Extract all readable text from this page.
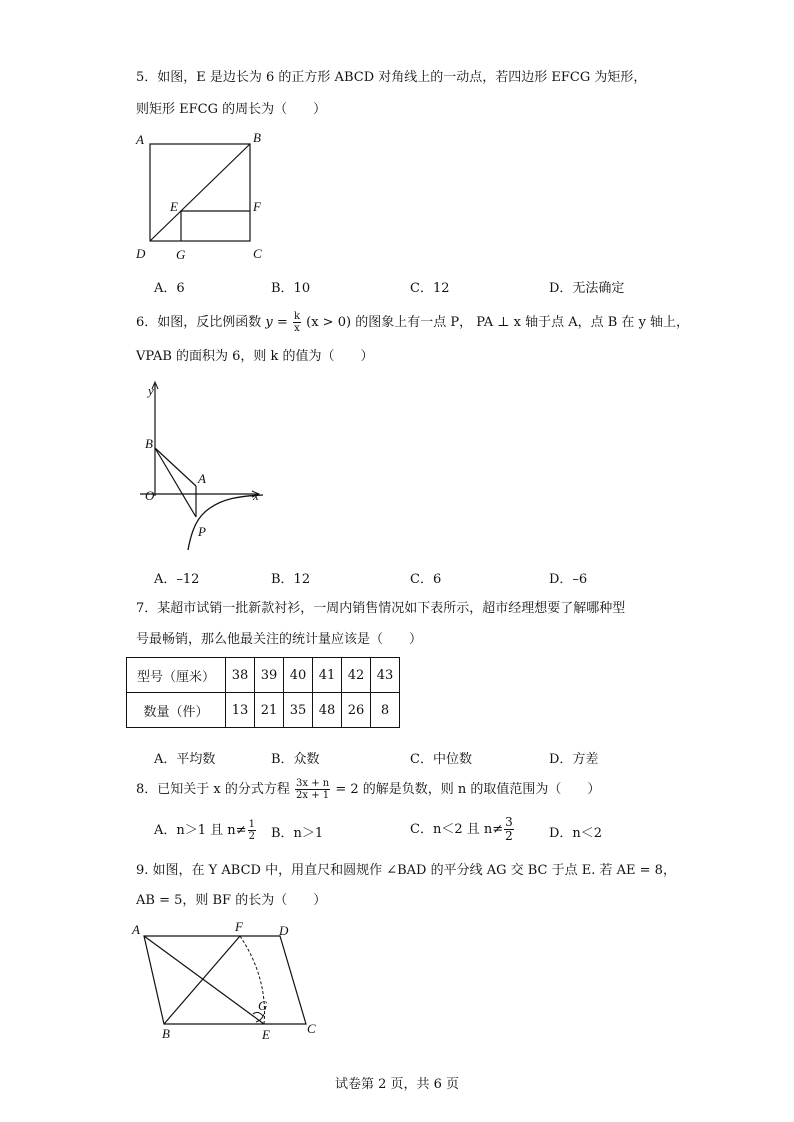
5．如图，E 是边长为 6 的正方形 ABCD 对角线上的一动点，若四边形 EFCG 为矩形，
则矩形 EFCG 的周长为（　　）
A	B
C
D
E	F
G
A．6	B．10	C．12	D．无法确定
6．如图，反比例函数 $y = \frac{k}{x} (x > 0)$ 的图象上有一点 P， PA ⊥ x 轴于点 A，点 B 在 y 轴上，
VPAB 的面积为 6，则 k 的值为（　　）
y
B
A
O	x
P
A．–12	B．12	C．6	D．–6
7．某超市试销一批新款衬衫，一周内销售情况如下表所示，超市经理想要了解哪种型
号最畅销，那么他最关注的统计量应该是（　　）
型号（厘米）	38	39	40	41	42	43
数量（件）	13	21	35	48	26	8
A．平均数	B．众数	C．中位数	D．方差
8．已知关于 x 的分式方程 $\frac{3x + n}{2x + 1} = 2$ 的解是负数，则 n 的取值范围为（　　）
A．n＞1 且 $n\ne \frac{1}{2}$ B．n＞1	C．n＜2 且 $n\ne \frac{3}{2}$	D．n＜2
9. 如图，在 Y ABCD 中，用直尺和圆规作 ∠BAD 的平分线 AG 交 BC 于点 E. 若 AE = 8，
AB = 5，则 BF 的长为（　　）
A	F	D
G
B	E	C
试卷第 2 页，共 6 页
